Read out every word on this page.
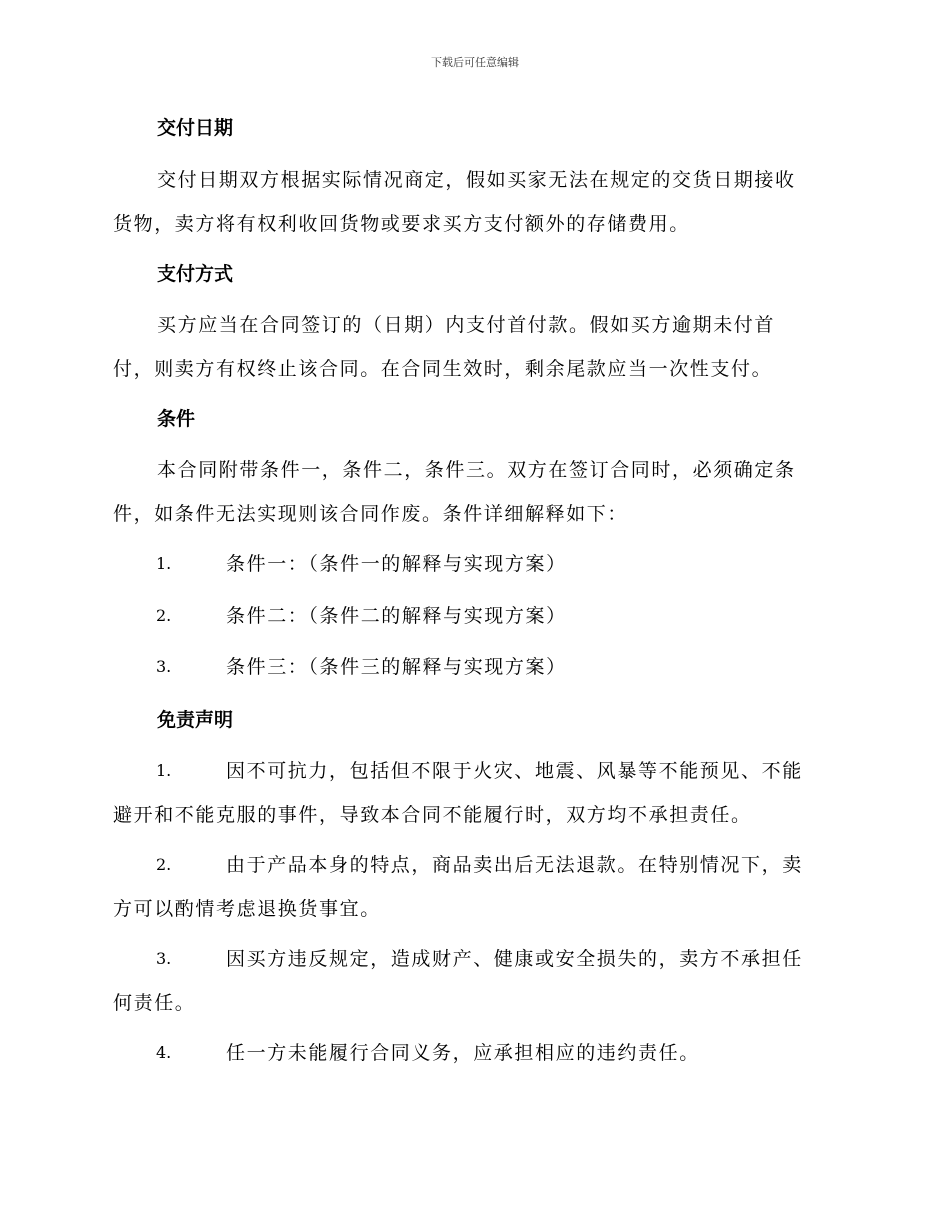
下载后可任意编辑
交付日期
交付日期双方根据实际情况商定，假如买家无法在规定的交货日期接收
货物，卖方将有权利收回货物或要求买方支付额外的存储费用。
支付方式
买方应当在合同签订的（日期）内支付首付款。假如买方逾期未付首
付，则卖方有权终止该合同。在合同生效时，剩余尾款应当一次性支付。
条件
本合同附带条件一，条件二，条件三。双方在签订合同时，必须确定条
件，如条件无法实现则该合同作废。条件详细解释如下：
1.	条件一：（条件一的解释与实现方案）
2.	条件二：（条件二的解释与实现方案）
3.	条件三：（条件三的解释与实现方案）
免责声明
1.	因不可抗力，包括但不限于火灾、地震、风暴等不能预见、不能
避开和不能克服的事件，导致本合同不能履行时，双方均不承担责任。
2.	由于产品本身的特点，商品卖出后无法退款。在特别情况下，卖
方可以酌情考虑退换货事宜。
3.	因买方违反规定，造成财产、健康或安全损失的，卖方不承担任
何责任。
4.	任一方未能履行合同义务，应承担相应的违约责任。
